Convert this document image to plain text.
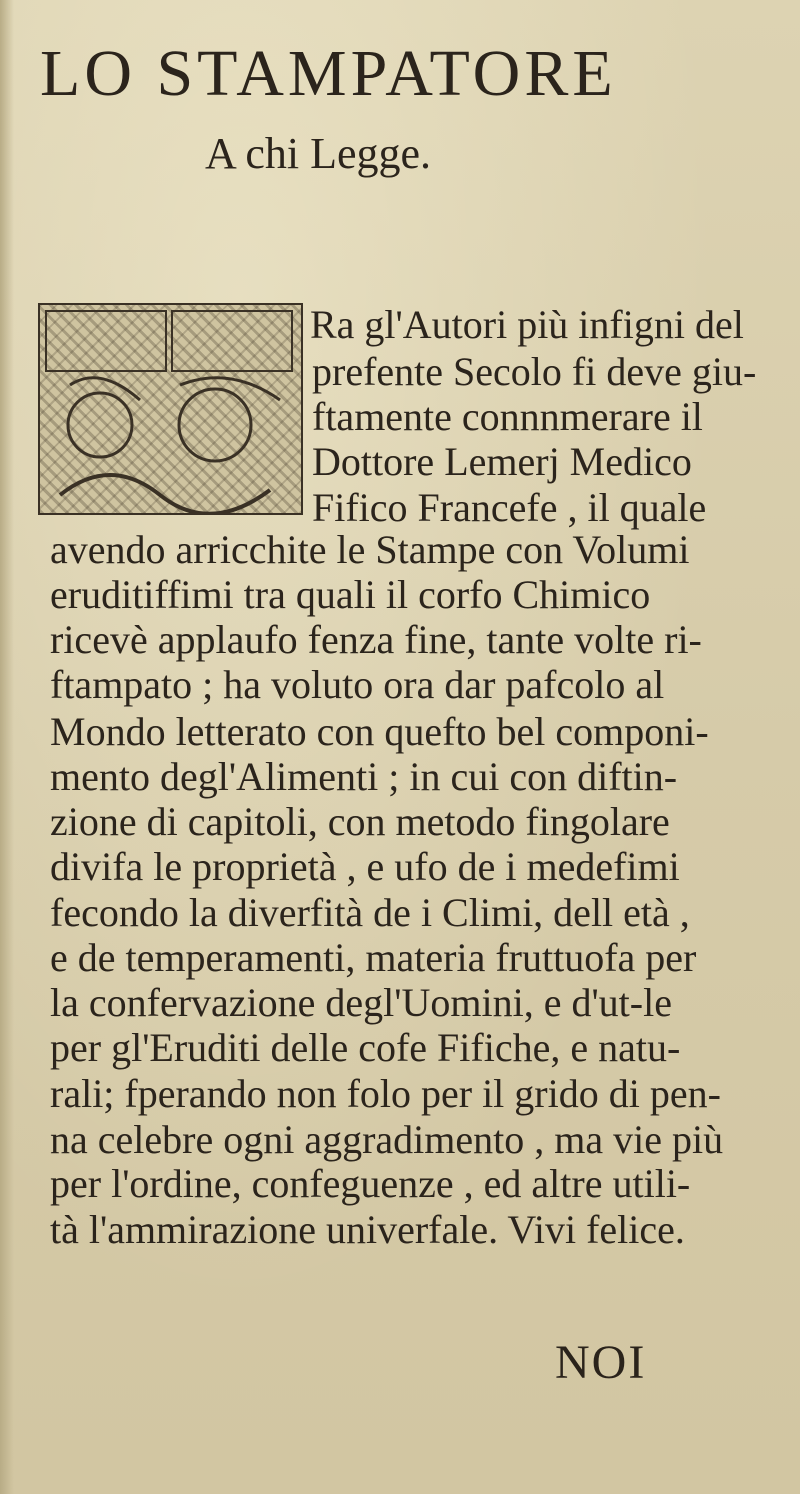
LO STAMPATORE
A chi Legge.
Ra gl'Autori più infigni del
prefente Secolo fi deve giu-
ftamente connnmerare il
Dottore Lemerj Medico
Fifico Francefe , il quale
avendo arricchite le Stampe con Volumi
eruditiffimi tra quali il corfo Chimico
ricevè applaufo fenza fine, tante volte ri-
ftampato ; ha voluto ora dar pafcolo al
Mondo letterato con quefto bel componi-
mento degl'Alimenti ; in cui con diftin-
zione di capitoli, con metodo fingolare
divifa le proprietà , e ufo de i medefimi
fecondo la diverfità de i Climi, dell età ,
e de temperamenti, materia fruttuofa per
la confervazione degl'Uomini, e d'ut-le
per gl'Eruditi delle cofe Fifiche, e natu-
rali; fperando non folo per il grido di pen-
na celebre ogni aggradimento , ma vie più
per l'ordine, confeguenze , ed altre utili-
tà l'ammirazione univerfale. Vivi felice.
NOI
